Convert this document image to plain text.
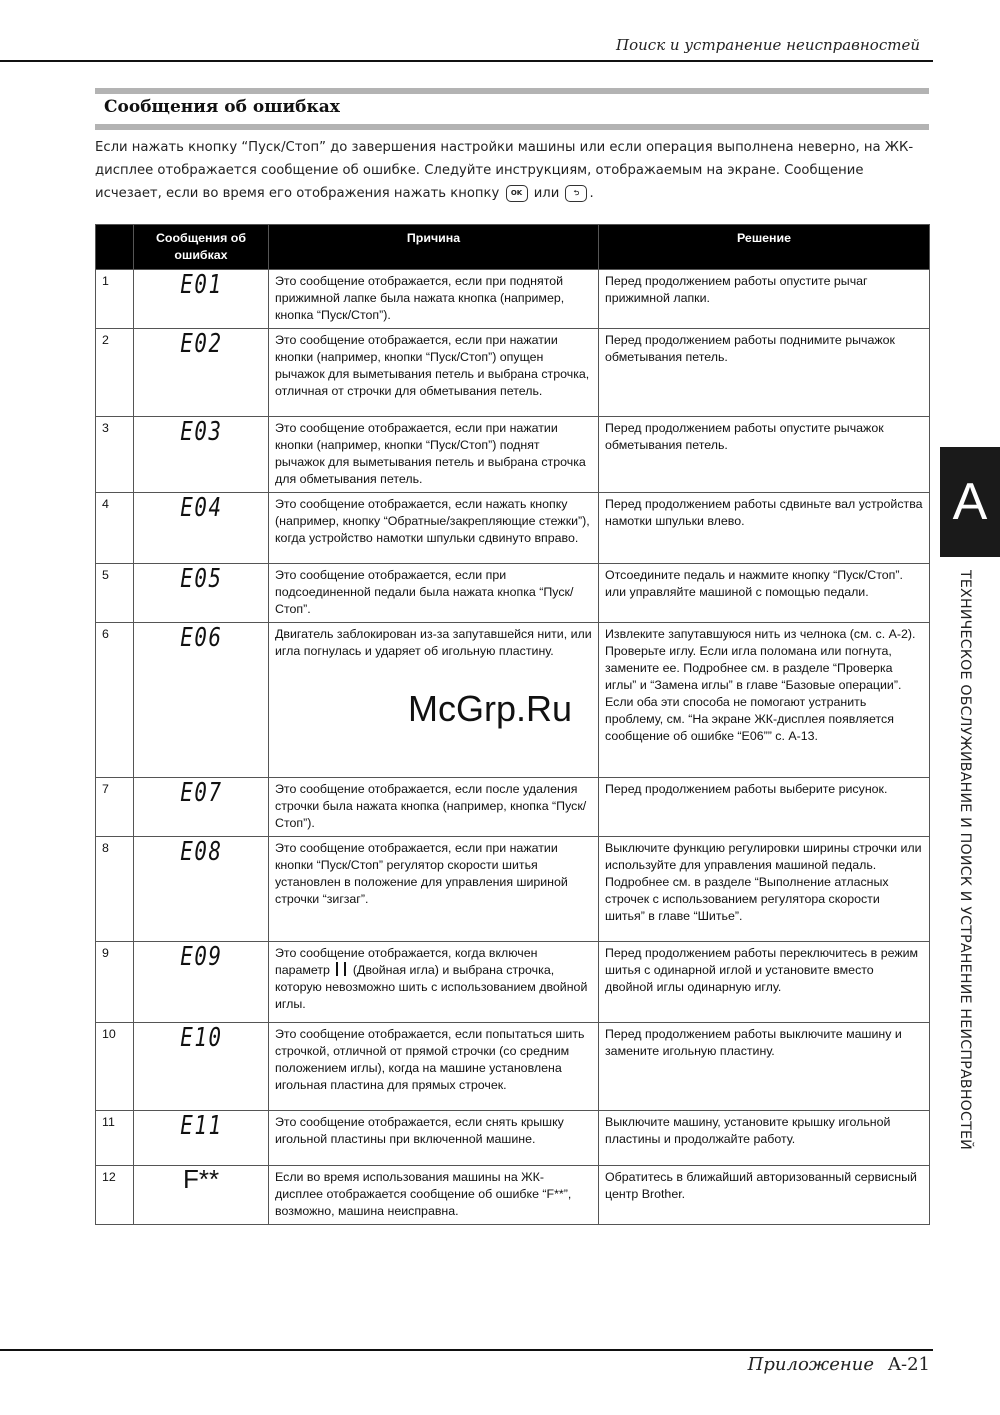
Поиск и устранение неисправностей
Сообщения об ошибках
Если нажать кнопку “Пуск/Стоп” до завершения настройки машины или если операция выполнена неверно, на ЖК-дисплее отображается сообщение об ошибке. Следуйте инструкциям, отображаемым на экране. Сообщение исчезает, если во время его отображения нажать кнопку OK или ⮌ .
	Сообщения об ошибках	Причина	Решение
1	E01	Это сообщение отображается, если при поднятой прижимной лапке была нажата кнопка (например, кнопка “Пуск/Стоп”).	Перед продолжением работы опустите рычаг прижимной лапки.
2	E02	Это сообщение отображается, если при нажатии кнопки (например, кнопки “Пуск/Стоп”) опущен рычажок для выметывания петель и выбрана строчка, отличная от строчки для обметывания петель.	Перед продолжением работы поднимите рычажок обметывания петель.
3	E03	Это сообщение отображается, если при нажатии кнопки (например, кнопки “Пуск/Стоп”) поднят рычажок для выметывания петель и выбрана строчка для обметывания петель.	Перед продолжением работы опустите рычажок обметывания петель.
4	E04	Это сообщение отображается, если нажать кнопку (например, кнопку “Обратные/закрепляющие стежки”), когда устройство намотки шпульки сдвинуто вправо.	Перед продолжением работы сдвиньте вал устройства намотки шпульки влево.
5	E05	Это сообщение отображается, если при подсоединенной педали была нажата кнопка “Пуск/Стоп”.	Отсоедините педаль и нажмите кнопку “Пуск/Стоп”. или управляйте машиной с помощью педали.
6	E06	Двигатель заблокирован из-за запутавшейся нити, или игла погнулась и ударяет об игольную пластину.	Извлеките запутавшуюся нить из челнока (см. с. A-2).
Проверьте иглу. Если игла поломана или погнута, замените ее. Подробнее см. в разделе “Проверка иглы” и “Замена иглы” в главе “Базовые операции”.
Если оба эти способа не помогают устранить проблему, см. “На экране ЖК-дисплея появляется сообщение об ошибке “E06”” с. A-13.
7	E07	Это сообщение отображается, если после удаления строчки была нажата кнопка (например, кнопка “Пуск/Стоп”).	Перед продолжением работы выберите рисунок.
8	E08	Это сообщение отображается, если при нажатии кнопки “Пуск/Стоп” регулятор скорости шитья установлен в положение для управления шириной строчки “зигзаг”.	Выключите функцию регулировки ширины строчки или используйте для управления машиной педаль. Подробнее см. в разделе “Выполнение атласных строчек с использованием регулятора скорости шитья” в главе “Шитье”.
9	E09	Это сообщение отображается, когда включен параметр (Двойная игла) и выбрана строчка, которую невозможно шить с использованием двойной иглы.	Перед продолжением работы переключитесь в режим шитья с одинарной иглой и установите вместо двойной иглы одинарную иглу.
10	E10	Это сообщение отображается, если попытаться шить строчкой, отличной от прямой строчки (со средним положением иглы), когда на машине установлена игольная пластина для прямых строчек.	Перед продолжением работы выключите машину и замените игольную пластину.
11	E11	Это сообщение отображается, если снять крышку игольной пластины при включенной машине.	Выключите машину, установите крышку игольной пластины и продолжайте работу.
12	F**	Если во время использования машины на ЖК-дисплее отображается сообщение об ошибке “F**”, возможно, машина неисправна.	Обратитесь в ближайший авторизованный сервисный центр Brother.
A
ТЕХНИЧЕСКОЕ ОБСЛУЖИВАНИЕ И ПОИСК И УСТРАНЕНИЕ НЕИСПРАВНОСТЕЙ
McGrp.Ru
Приложение A-21
